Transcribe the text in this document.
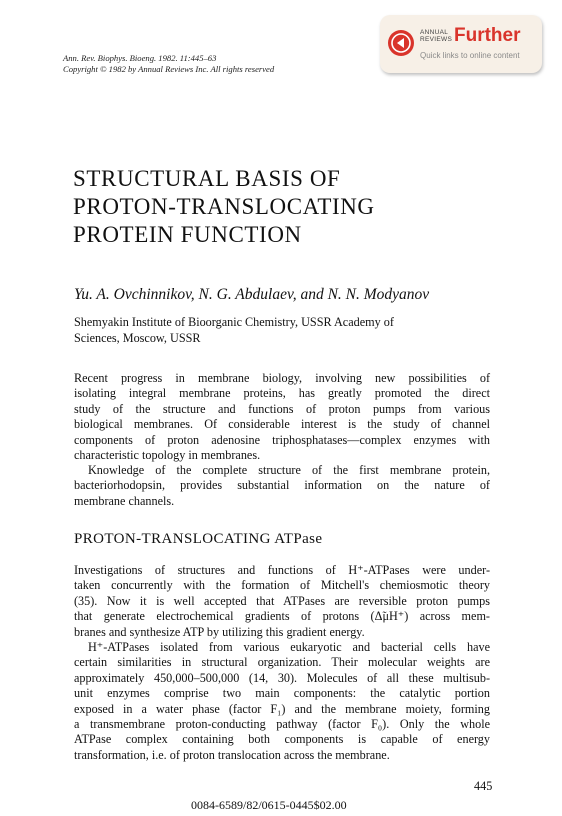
Ann. Rev. Biophys. Bioeng. 1982. 11:445–63
Copyright © 1982 by Annual Reviews Inc. All rights reserved
ANNUAL
REVIEWS Further
Quick links to online content
STRUCTURAL BASIS OF
PROTON-TRANSLOCATING
PROTEIN FUNCTION
Yu. A. Ovchinnikov, N. G. Abdulaev, and N. N. Modyanov
Shemyakin Institute of Bioorganic Chemistry, USSR Academy of
Sciences, Moscow, USSR
Recent progress in membrane biology, involving new possibilities of
isolating integral membrane proteins, has greatly promoted the direct
study of the structure and functions of proton pumps from various
biological membranes. Of considerable interest is the study of channel
components of proton adenosine triphosphatases—complex enzymes with
characteristic topology in membranes.
Knowledge of the complete structure of the first membrane protein,
bacteriorhodopsin, provides substantial information on the nature of
membrane channels.
PROTON-TRANSLOCATING ATPase
Investigations of structures and functions of H⁺-ATPases were under-
taken concurrently with the formation of Mitchell's chemiosmotic theory
(35). Now it is well accepted that ATPases are reversible proton pumps
that generate electrochemical gradients of protons (Δ̃μH⁺) across mem-
branes and synthesize ATP by utilizing this gradient energy.
H⁺-ATPases isolated from various eukaryotic and bacterial cells have
certain similarities in structural organization. Their molecular weights are
approximately 450,000–500,000 (14, 30). Molecules of all these multisub-
unit enzymes comprise two main components: the catalytic portion
exposed in a water phase (factor F₁) and the membrane moiety, forming
a transmembrane proton-conducting pathway (factor F₀). Only the whole
ATPase complex containing both components is capable of energy
transformation, i.e. of proton translocation across the membrane.
445
0084-6589/82/0615-0445$02.00
